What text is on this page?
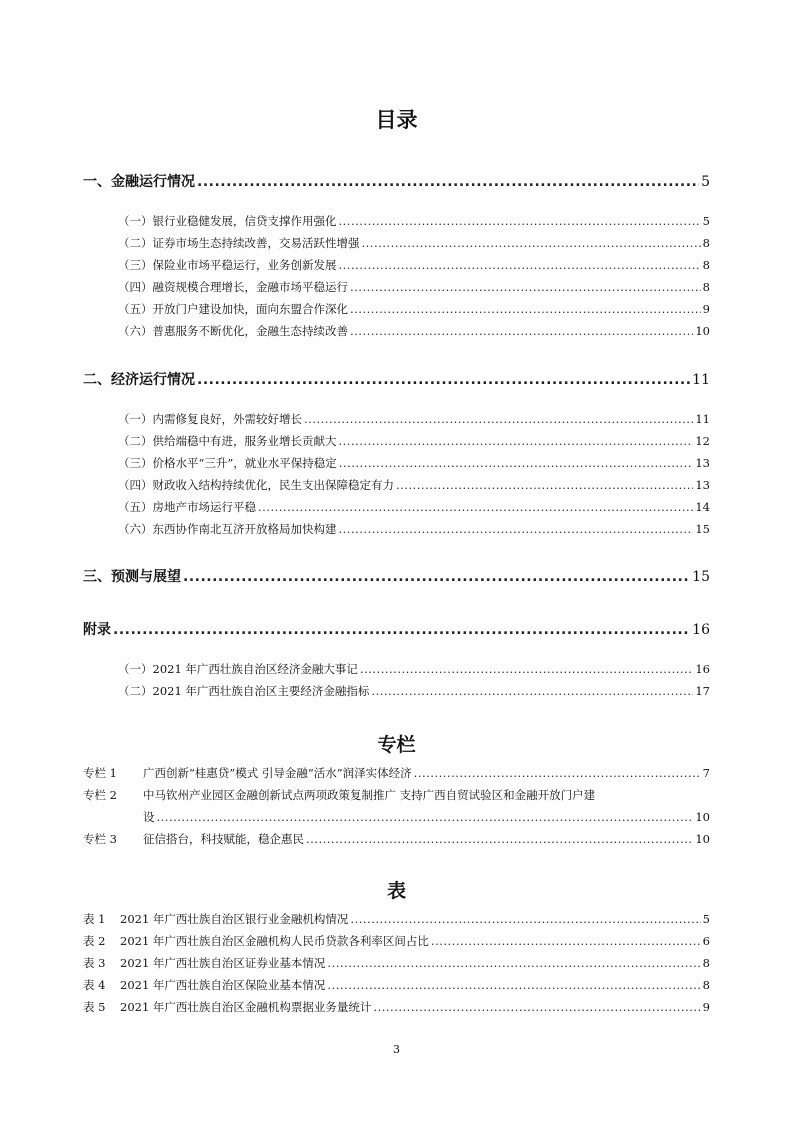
目录
一、金融运行情况 .....	5
（一）银行业稳健发展，信贷支撑作用强化 .....	5
（二）证券市场生态持续改善，交易活跃性增强 .....	8
（三）保险业市场平稳运行，业务创新发展 .....	8
（四）融资规模合理增长，金融市场平稳运行 .....	8
（五）开放门户建设加快，面向东盟合作深化 .....	9
（六）普惠服务不断优化，金融生态持续改善 .....	10
二、经济运行情况 .....	11
（一）内需修复良好，外需较好增长 .....	11
（二）供给端稳中有进，服务业增长贡献大 .....	12
（三）价格水平“三升”，就业水平保持稳定 .....	13
（四）财政收入结构持续优化，民生支出保障稳定有力 .....	13
（五）房地产市场运行平稳 .....	14
（六）东西协作南北互济开放格局加快构建 .....	15
三、预测与展望 .....	15
附录 .....	16
（一）2021 年广西壮族自治区经济金融大事记 .....	16
（二）2021 年广西壮族自治区主要经济金融指标 .....	17
专栏
专栏 1	广西创新“桂惠贷”模式 引导金融“活水”润泽实体经济 .....	7
专栏 2 中马钦州产业园区金融创新试点两项政策复制推广 支持广西自贸试验区和金融开放门户建
设 .....	10
专栏 3	征信搭台，科技赋能，稳企惠民 .....	10
表
表 1	2021 年广西壮族自治区银行业金融机构情况 .....	5
表 2	2021 年广西壮族自治区金融机构人民币贷款各利率区间占比 .....	6
表 3	2021 年广西壮族自治区证券业基本情况 .....	8
表 4	2021 年广西壮族自治区保险业基本情况 .....	8
表 5	2021 年广西壮族自治区金融机构票据业务量统计 .....	9
3
